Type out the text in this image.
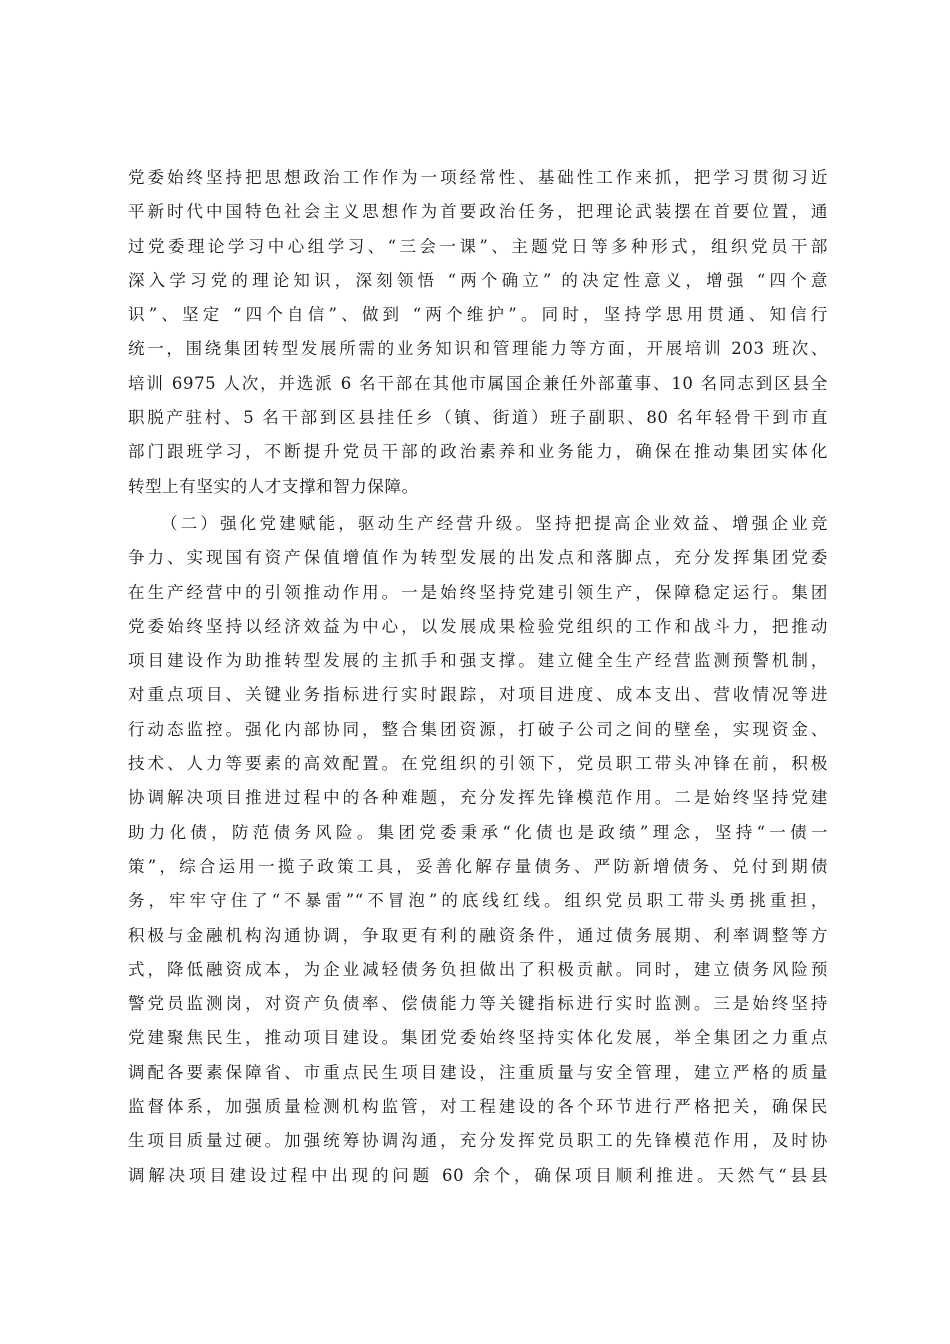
党委始终坚持把思想政治工作作为一项经常性、基础性工作来抓，把学习贯彻习近
平新时代中国特色社会主义思想作为首要政治任务，把理论武装摆在首要位置，通
过党委理论学习中心组学习、“三会一课”、主题党日等多种形式，组织党员干部
深入学习党的理论知识，深刻领悟 “两个确立” 的决定性意义，增强 “四个意
识”、坚定 “四个自信”、做到 “两个维护”。同时，坚持学思用贯通、知信行
统一，围绕集团转型发展所需的业务知识和管理能力等方面，开展培训 203 班次、
培训 6975 人次，并选派 6 名干部在其他市属国企兼任外部董事、10 名同志到区县全
职脱产驻村、5 名干部到区县挂任乡（镇、街道）班子副职、80 名年轻骨干到市直
部门跟班学习，不断提升党员干部的政治素养和业务能力，确保在推动集团实体化
转型上有坚实的人才支撑和智力保障。
（二）强化党建赋能，驱动生产经营升级。坚持把提高企业效益、增强企业竞
争力、实现国有资产保值增值作为转型发展的出发点和落脚点，充分发挥集团党委
在生产经营中的引领推动作用。一是始终坚持党建引领生产，保障稳定运行。集团
党委始终坚持以经济效益为中心，以发展成果检验党组织的工作和战斗力，把推动
项目建设作为助推转型发展的主抓手和强支撑。建立健全生产经营监测预警机制，
对重点项目、关键业务指标进行实时跟踪，对项目进度、成本支出、营收情况等进
行动态监控。强化内部协同，整合集团资源，打破子公司之间的壁垒，实现资金、
技术、人力等要素的高效配置。在党组织的引领下，党员职工带头冲锋在前，积极
协调解决项目推进过程中的各种难题，充分发挥先锋模范作用。二是始终坚持党建
助力化债，防范债务风险。集团党委秉承“化债也是政绩”理念，坚持“一债一
策”，综合运用一揽子政策工具，妥善化解存量债务、严防新增债务、兑付到期债
务，牢牢守住了“不暴雷”“不冒泡”的底线红线。组织党员职工带头勇挑重担，
积极与金融机构沟通协调，争取更有利的融资条件，通过债务展期、利率调整等方
式，降低融资成本，为企业减轻债务负担做出了积极贡献。同时，建立债务风险预
警党员监测岗，对资产负债率、偿债能力等关键指标进行实时监测。三是始终坚持
党建聚焦民生，推动项目建设。集团党委始终坚持实体化发展，举全集团之力重点
调配各要素保障省、市重点民生项目建设，注重质量与安全管理，建立严格的质量
监督体系，加强质量检测机构监管，对工程建设的各个环节进行严格把关，确保民
生项目质量过硬。加强统筹协调沟通，充分发挥党员职工的先锋模范作用，及时协
调解决项目建设过程中出现的问题 60 余个，确保项目顺利推进。天然气“县县
